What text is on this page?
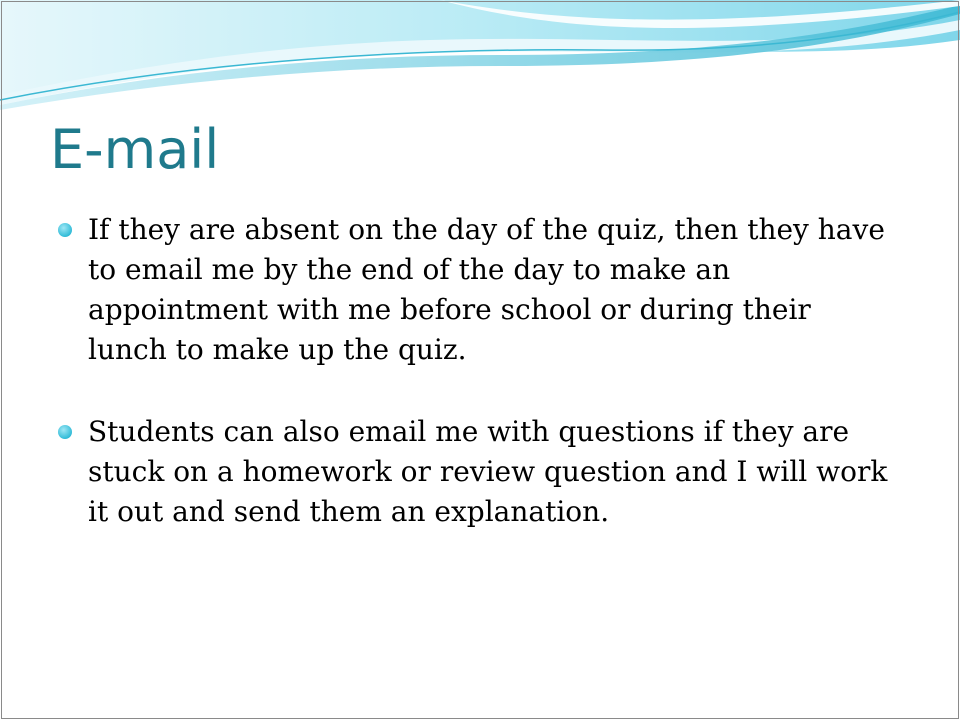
E-mail
If they are absent on the day of the quiz, then they have to email me by the end of the day to make an appointment with me before school or during their lunch to make up the quiz.
Students can also email me with questions if they are stuck on a homework or review question and I will work it out and send them an explanation.
